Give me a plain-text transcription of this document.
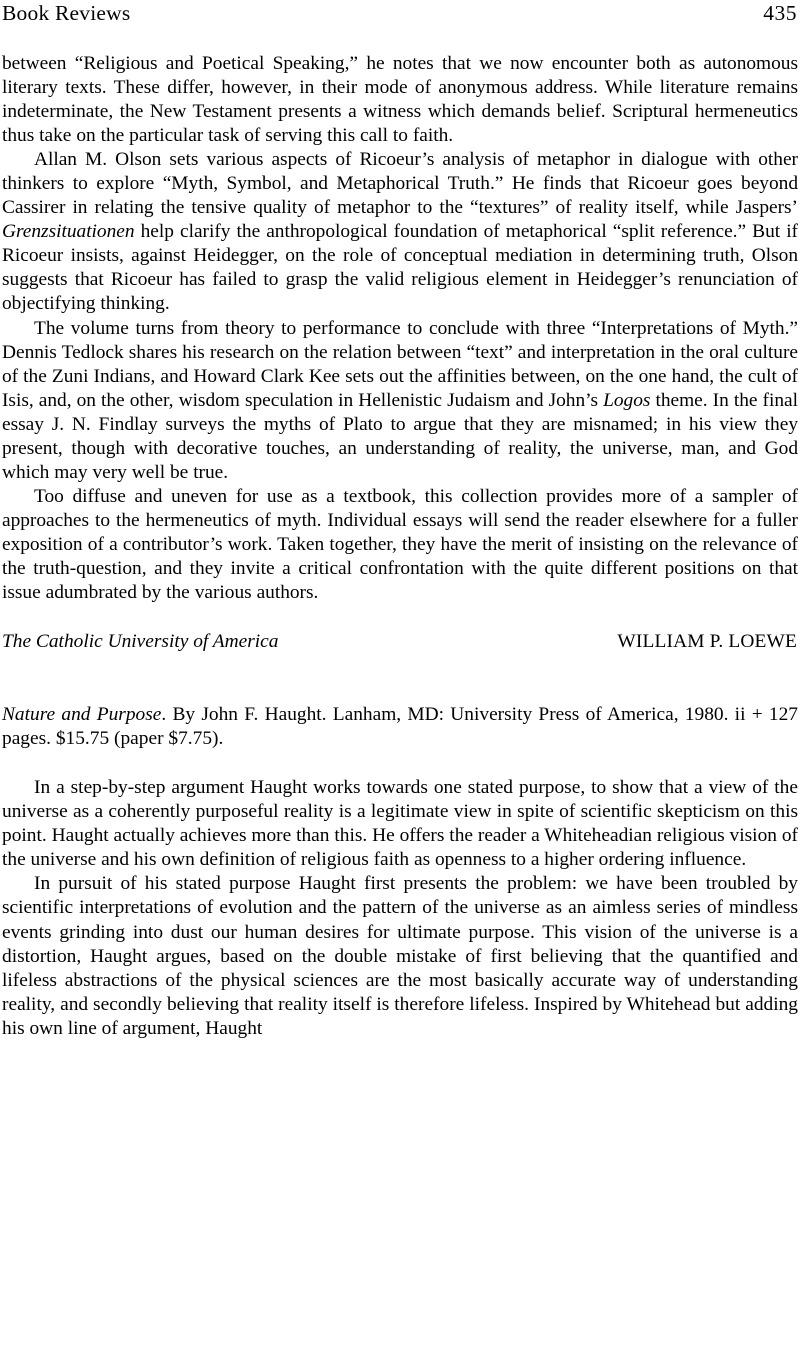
Book Reviews	435

between “Religious and Poetical Speaking,” he notes that we now encounter both as autonomous literary texts. These differ, however, in their mode of anonymous address. While literature remains indeterminate, the New Testament presents a witness which demands belief. Scriptural hermeneutics thus take on the particular task of serving this call to faith.

Allan M. Olson sets various aspects of Ricoeur’s analysis of metaphor in dialogue with other thinkers to explore “Myth, Symbol, and Metaphorical Truth.” He finds that Ricoeur goes beyond Cassirer in relating the tensive quality of metaphor to the “textures” of reality itself, while Jaspers’ Grenzsituationen help clarify the anthropological foundation of metaphorical “split reference.” But if Ricoeur insists, against Heidegger, on the role of conceptual mediation in determining truth, Olson suggests that Ricoeur has failed to grasp the valid religious element in Heidegger’s renunciation of objectifying thinking.

The volume turns from theory to performance to conclude with three “Interpretations of Myth.” Dennis Tedlock shares his research on the relation between “text” and interpretation in the oral culture of the Zuni Indians, and Howard Clark Kee sets out the affinities between, on the one hand, the cult of Isis, and, on the other, wisdom speculation in Hellenistic Judaism and John’s Logos theme. In the final essay J. N. Findlay surveys the myths of Plato to argue that they are misnamed; in his view they present, though with decorative touches, an understanding of reality, the universe, man, and God which may very well be true.

Too diffuse and uneven for use as a textbook, this collection provides more of a sampler of approaches to the hermeneutics of myth. Individual essays will send the reader elsewhere for a fuller exposition of a contributor’s work. Taken together, they have the merit of insisting on the relevance of the truth-question, and they invite a critical confrontation with the quite different positions on that issue adumbrated by the various authors.

The Catholic University of America	WILLIAM P. LOEWE
Nature and Purpose. By John F. Haught. Lanham, MD: University Press of America, 1980. ii + 127 pages. $15.75 (paper $7.75).

In a step-by-step argument Haught works towards one stated purpose, to show that a view of the universe as a coherently purposeful reality is a legitimate view in spite of scientific skepticism on this point. Haught actually achieves more than this. He offers the reader a Whiteheadian religious vision of the universe and his own definition of religious faith as openness to a higher ordering influence.

In pursuit of his stated purpose Haught first presents the problem: we have been troubled by scientific interpretations of evolution and the pattern of the universe as an aimless series of mindless events grinding into dust our human desires for ultimate purpose. This vision of the universe is a distortion, Haught argues, based on the double mistake of first believing that the quantified and lifeless abstractions of the physical sciences are the most basically accurate way of understanding reality, and secondly believing that reality itself is therefore lifeless. Inspired by Whitehead but adding his own line of argument, Haught
